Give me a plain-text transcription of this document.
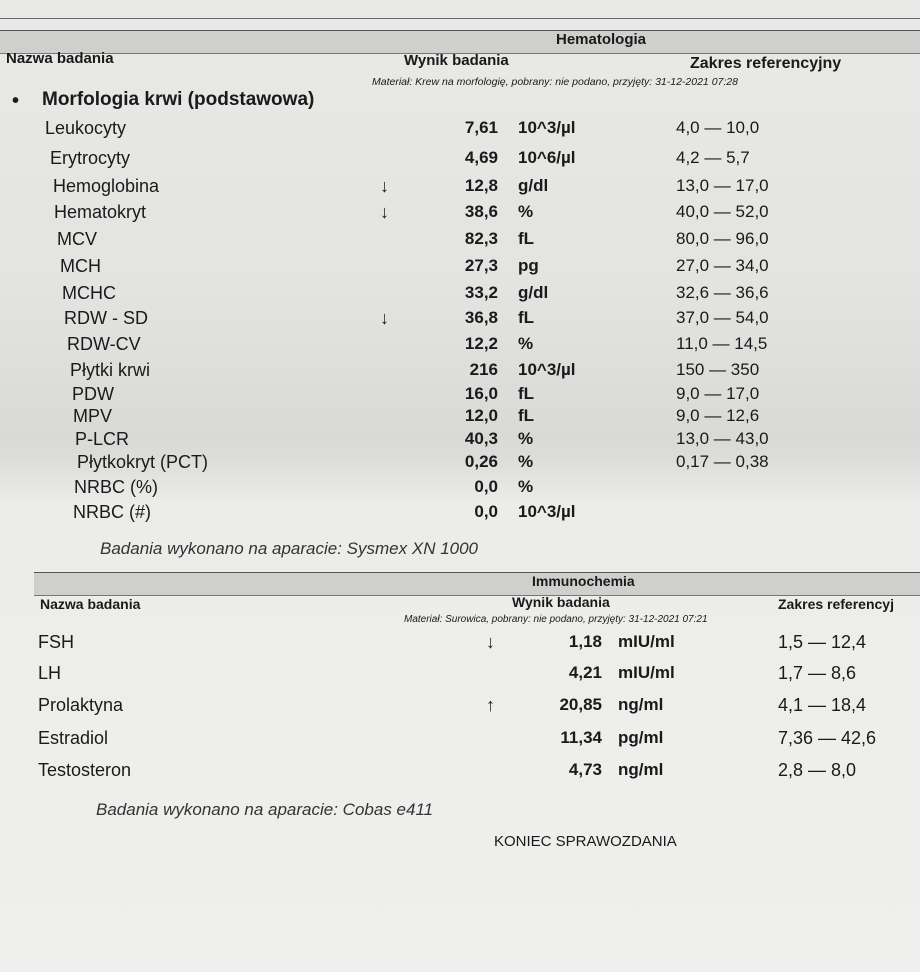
Hematologia
Nazwa badania	Wynik badania	Zakres referencyjny
Materiał: Krew na morfologię, pobrany: nie podano, przyjęty: 31-12-2021 07:28
• Morfologia krwi (podstawowa)
Leukocyty	7,61 10^3/µl	4,0 — 10,0
Erytrocyty	4,69 10^6/µl	4,2 — 5,7
Hemoglobina	↓	12,8 g/dl	13,0 — 17,0
Hematokryt	↓	38,6 %	40,0 — 52,0
MCV	82,3 fL	80,0 — 96,0
MCH	27,3 pg	27,0 — 34,0
MCHC	33,2 g/dl	32,6 — 36,6
RDW - SD	↓	36,8 fL	37,0 — 54,0
RDW-CV	12,2 %	11,0 — 14,5
Płytki krwi	216 10^3/µl	150 — 350
PDW	16,0 fL	9,0 — 17,0
MPV	12,0 fL	9,0 — 12,6
P-LCR	40,3 %	13,0 — 43,0
Płytkokryt (PCT)	0,26 %	0,17 — 0,38
NRBC (%)	0,0 %
NRBC (#)	0,0 10^3/µl
Badania wykonano na aparacie: Sysmex XN 1000
Immunochemia
Nazwa badania	Wynik badania	Zakres referencyj
Materiał: Surowica, pobrany: nie podano, przyjęty: 31-12-2021 07:21
FSH	↓	1,18 mIU/ml	1,5 — 12,4
LH	4,21 mIU/ml	1,7 — 8,6
Prolaktyna	↑	20,85 ng/ml	4,1 — 18,4
Estradiol	11,34 pg/ml	7,36 — 42,6
Testosteron	4,73 ng/ml	2,8 — 8,0
Badania wykonano na aparacie: Cobas e411
KONIEC SPRAWOZDANIA
